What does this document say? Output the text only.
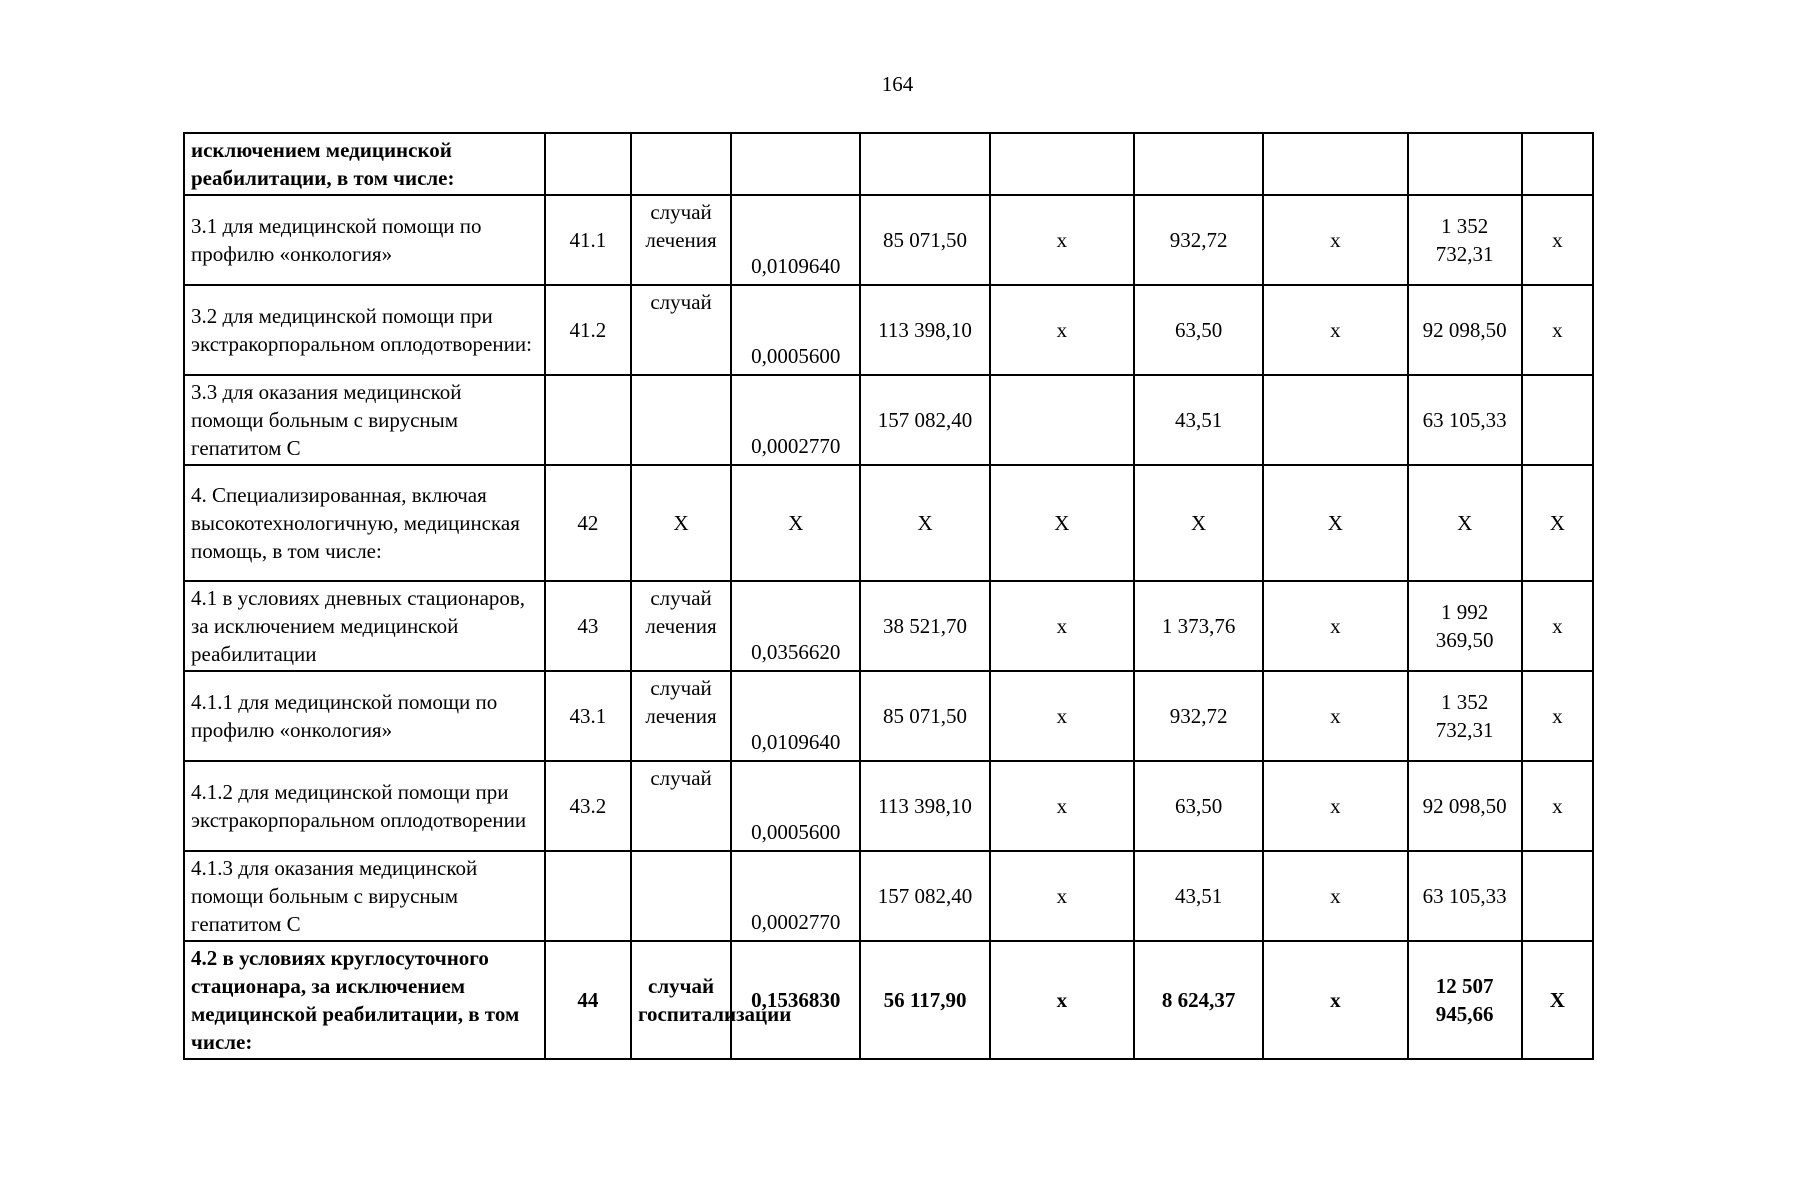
164
исключением медицинской реабилитации, в том числе:									
3.1 для медицинской помощи по профилю «онкология»	41.1	случай лечения	0,0109640	85 071,50	х	932,72	х	1 352 732,31	х
3.2 для медицинской помощи при экстракорпоральном оплодотворении:	41.2	случай	0,0005600	113 398,10	х	63,50	х	92 098,50	х
3.3 для оказания медицинской помощи больным с вирусным гепатитом С			0,0002770	157 082,40		43,51		63 105,33	
4. Специализированная, включая высокотехнологичную, медицинская помощь, в том числе:	42	Х	Х	Х	Х	Х	Х	Х	Х
4.1 в условиях дневных стационаров, за исключением медицинской реабилитации	43	случай лечения	0,0356620	38 521,70	х	1 373,76	х	1 992 369,50	х
4.1.1 для медицинской помощи по профилю «онкология»	43.1	случай лечения	0,0109640	85 071,50	х	932,72	х	1 352 732,31	х
4.1.2 для медицинской помощи при экстракорпоральном оплодотворении	43.2	случай	0,0005600	113 398,10	х	63,50	х	92 098,50	х
4.1.3 для оказания медицинской помощи больным с вирусным гепатитом С			0,0002770	157 082,40	х	43,51	х	63 105,33	
4.2 в условиях круглосуточного стационара, за исключением медицинской реабилитации, в том числе:	44	случай госпитализации	0,1536830	56 117,90	х	8 624,37	х	12 507 945,66	Х
